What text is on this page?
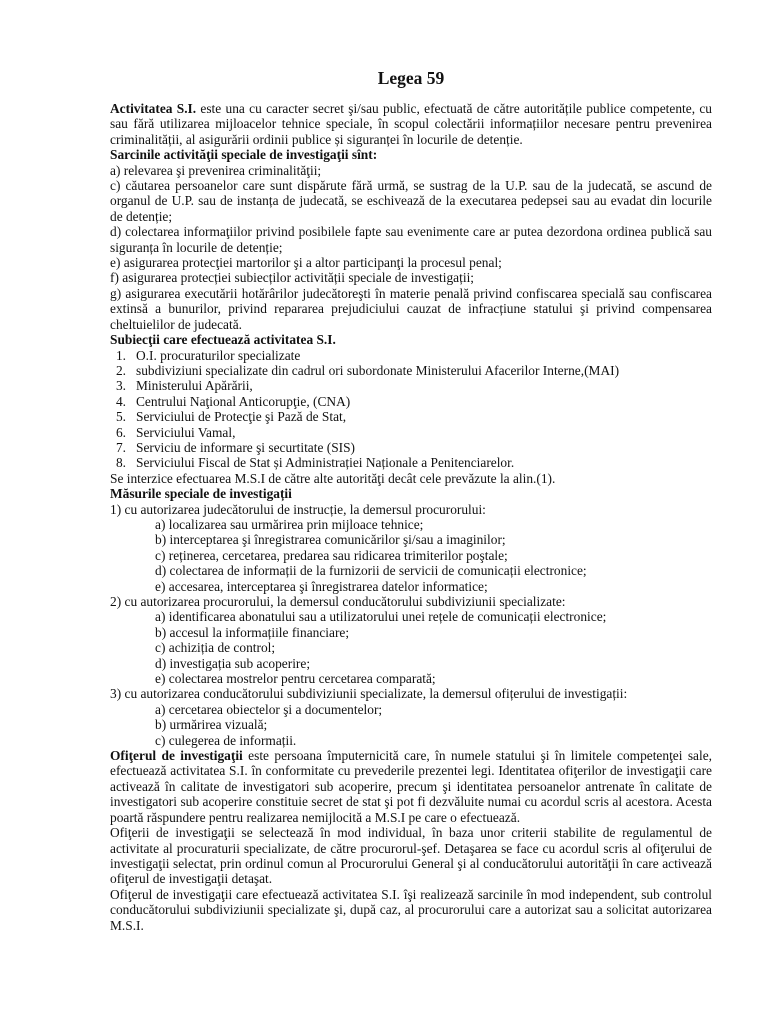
Legea 59

Activitatea S.I. este una cu caracter secret şi/sau public, efectuată de către autoritățile publice competente, cu sau fără utilizarea mijloacelor tehnice speciale, în scopul colectării informațiilor necesare pentru prevenirea criminalității, al asigurării ordinii publice și siguranței în locurile de detenție.

Sarcinile activităţii speciale de investigaţii sînt:

a) relevarea şi prevenirea criminalităţii;

c) căutarea persoanelor care sunt dispărute fără urmă, se sustrag de la U.P. sau de la judecată, se ascund de organul de U.P. sau de instanța de judecată, se eschivează de la executarea pedepsei sau au evadat din locurile de detenție;

d) colectarea informaţiilor privind posibilele fapte sau evenimente care ar putea dezordona ordinea publică sau siguranța în locurile de detenție;

e) asigurarea protecţiei martorilor şi a altor participanţi la procesul penal;

f) asigurarea protecției subiecților activității speciale de investigații;

g) asigurarea executării hotărârilor judecătoreşti în materie penală privind confiscarea specială sau confiscarea extinsă a bunurilor, privind repararea prejudiciului cauzat de infracțiune statului şi privind compensarea cheltuielilor de judecată.

Subiecţii care efectuează activitatea S.I.

1. O.I. procuraturilor specializate
2. subdiviziuni specializate din cadrul ori subordonate Ministerului Afacerilor Interne,(MAI)
3. Ministerului Apărării,
4. Centrului Naţional Anticorupţie, (CNA)
5. Serviciului de Protecţie şi Pază de Stat,
6. Serviciului Vamal,
7. Serviciu de informare şi securtitate (SIS)
8. Serviciului Fiscal de Stat și Administrației Naționale a Penitenciarelor.

Se interzice efectuarea M.S.I de către alte autorităţi decât cele prevăzute la alin.(1).

Măsurile speciale de investigații

1) cu autorizarea judecătorului de instrucție, la demersul procurorului:

a) localizarea sau urmărirea prin mijloace tehnice;
b) interceptarea şi înregistrarea comunicărilor şi/sau a imaginilor;
c) reținerea, cercetarea, predarea sau ridicarea trimiterilor poştale;
d) colectarea de informații de la furnizorii de servicii de comunicații electronice;
e) accesarea, interceptarea şi înregistrarea datelor informatice;

2) cu autorizarea procurorului, la demersul conducătorului subdiviziunii specializate:

a) identificarea abonatului sau a utilizatorului unei rețele de comunicații electronice;
b) accesul la informațiile financiare;
c) achiziția de control;
d) investigația sub acoperire;
e) colectarea mostrelor pentru cercetarea comparată;

3) cu autorizarea conducătorului subdiviziunii specializate, la demersul ofițerului de investigații:

a) cercetarea obiectelor şi a documentelor;
b) urmărirea vizuală;
c) culegerea de informații.

Ofiţerul de investigaţii este persoana împuternicită care, în numele statului şi în limitele competenţei sale, efectuează activitatea S.I. în conformitate cu prevederile prezentei legi. Identitatea ofiţerilor de investigaţii care activează în calitate de investigatori sub acoperire, precum şi identitatea persoanelor antrenate în calitate de investigatori sub acoperire constituie secret de stat şi pot fi dezvăluite numai cu acordul scris al acestora. Acesta poartă răspundere pentru realizarea nemijlocită a M.S.I pe care o efectuează.

Ofiţerii de investigaţii se selectează în mod individual, în baza unor criterii stabilite de regulamentul de activitate al procuraturii specializate, de către procurorul-şef. Detaşarea se face cu acordul scris al ofiţerului de investigaţii selectat, prin ordinul comun al Procurorului General şi al conducătorului autorităţii în care activează ofiţerul de investigaţii detaşat.

Ofiţerul de investigaţii care efectuează activitatea S.I. îşi realizează sarcinile în mod independent, sub controlul conducătorului subdiviziunii specializate şi, după caz, al procurorului care a autorizat sau a solicitat autorizarea M.S.I.
